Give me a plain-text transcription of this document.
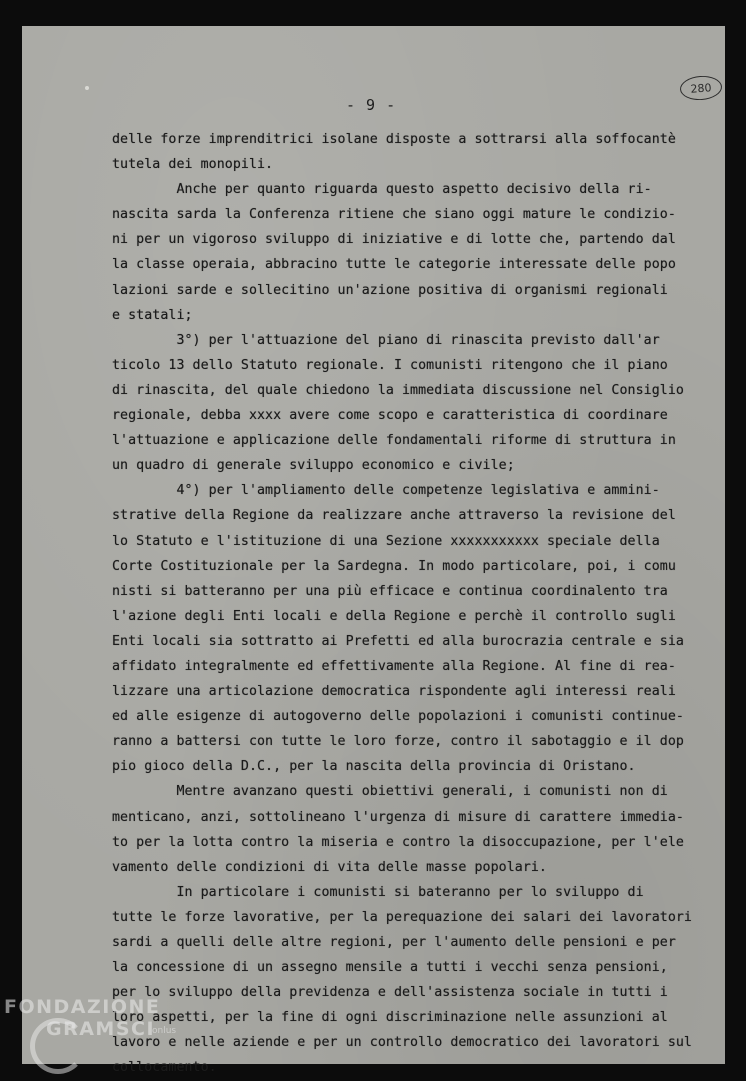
- 9 -
280
delle forze imprenditrici isolane disposte a sottrarsi alla soffocantè
tutela dei monopili.
Anche per quanto riguarda questo aspetto decisivo della ri-
nascita sarda la Conferenza ritiene che siano oggi mature le condizio-
ni per un vigoroso sviluppo di iniziative e di lotte che, partendo dal
la classe operaia, abbracino tutte le categorie interessate delle popo
lazioni sarde e sollecitino un'azione positiva di organismi regionali
e statali;
3°) per l'attuazione del piano di rinascita previsto dall'ar
ticolo 13 dello Statuto regionale. I comunisti ritengono che il piano
di rinascita, del quale chiedono la immediata discussione nel Consiglio
regionale, debba xxxx avere come scopo e caratteristica di coordinare
l'attuazione e applicazione delle fondamentali riforme di struttura in
un quadro di generale sviluppo economico e civile;
4°) per l'ampliamento delle competenze legislativa e ammini-
strative della Regione da realizzare anche attraverso la revisione del
lo Statuto e l'istituzione di una Sezione xxxxxxxxxxx speciale della
Corte Costituzionale per la Sardegna. In modo particolare, poi, i comu
nisti si batteranno per una più efficace e continua coordinalento tra
l'azione degli Enti locali e della Regione e perchè il controllo sugli
Enti locali sia sottratto ai Prefetti ed alla burocrazia centrale e sia
affidato integralmente ed effettivamente alla Regione. Al fine di rea-
lizzare una articolazione democratica rispondente agli interessi reali
ed alle esigenze di autogoverno delle popolazioni i comunisti continue-
ranno a battersi con tutte le loro forze, contro il sabotaggio e il dop
pio gioco della D.C., per la nascita della provincia di Oristano.
Mentre avanzano questi obiettivi generali, i comunisti non di
menticano, anzi, sottolineano l'urgenza di misure di carattere immedia-
to per la lotta contro la miseria e contro la disoccupazione, per l'ele
vamento delle condizioni di vita delle masse popolari.
In particolare i comunisti si bateranno per lo sviluppo di
tutte le forze lavorative, per la perequazione dei salari dei lavoratori
sardi a quelli delle altre regioni, per l'aumento delle pensioni e per
la concessione di un assegno mensile a tutti i vecchi senza pensioni,
per lo sviluppo della previdenza e dell'assistenza sociale in tutti i
loro aspetti, per la fine di ogni discriminazione nelle assunzioni al
lavoro e nelle aziende e per un controllo democratico dei lavoratori sul
collocamento.
FONDAZIONE
GRAMSCI
onlus
